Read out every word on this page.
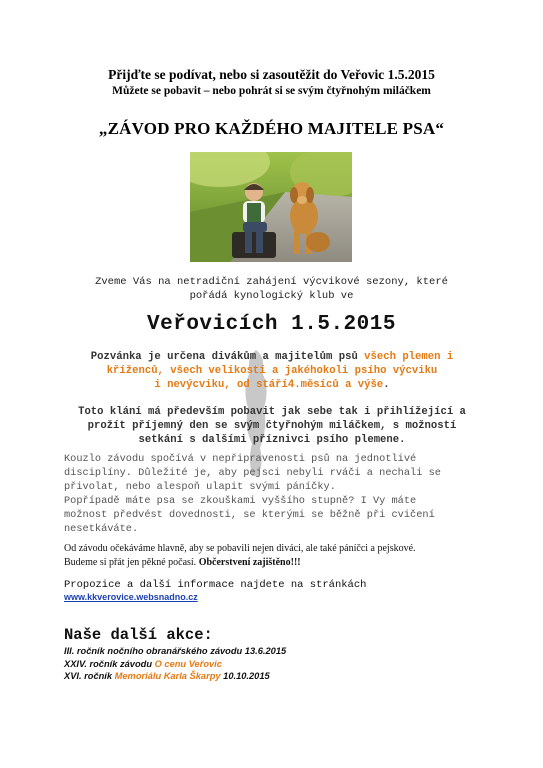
Přijďte se podívat, nebo si zasoutěžit do Veřovic 1.5.2015
Můžete se pobavit – nebo pohrát si se svým čtyřnohým miláčkem
„ZÁVOD PRO KAŽDÉHO MAJITELE PSA“
Zveme Vás na netradiční zahájení výcvikové sezony, které
pořádá kynologický klub ve
Veřovicích 1.5.2015
Pozvánka je určena divákům a majitelům psů všech plemen i
kříženců, všech velikostí a jakéhokoli psího výcviku
i nevýcviku, od stáří4.měsíců a výše.
Toto klání má především pobavit jak sebe tak i přihlížející a
prožít příjemný den se svým čtyřnohým miláčkem, s možností
setkání s dalšími příznivci psího plemene.
Kouzlo závodu spočívá v nepřipravenosti psů na jednotlivé
disciplíny. Důležité je, aby pejsci nebyli rváči a nechali se
přivolat, nebo alespoň ulapit svými páníčky.
Popřípadě máte psa se zkouškami vyššího stupně? I Vy máte
možnost předvést dovednosti, se kterými se běžně při cvičení
nesetkáváte.
Od závodu očekáváme hlavně, aby se pobavili nejen diváci, ale také páníčci a pejskové.
Budeme si přát jen pěkné počasí. Občerstvení zajištěno!!!
Propozice a další informace najdete na stránkách
www.kkverovice.websnadno.cz
Naše další akce:
III. ročník nočního obranářského závodu 13.6.2015
XXIV. ročník závodu O cenu Veřovic
XVI. ročník Memoriálu Karla Škarpy 10.10.2015
